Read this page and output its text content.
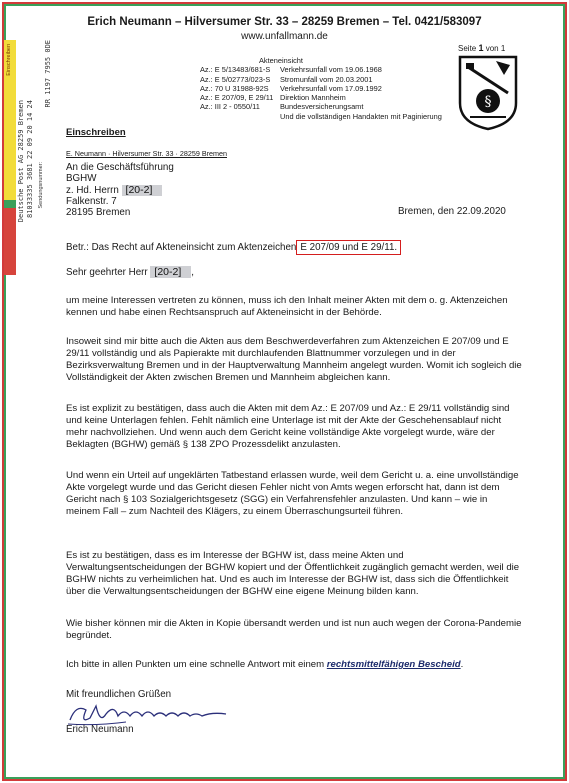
Erich Neumann – Hilversumer Str. 33 – 28259 Bremen – Tel. 0421/583097
www.unfallmann.de
Einschreiben
Deutsche Post AG 28259 Bremen 81033335 3681 22 09 20 14 24 Sendungsnummer:
RR 1197 7955 0DE	Akteneinsicht
Az.: E 5/13483/681-S Verkehrsunfall vom 19.06.1968
Az.: E 5/02773/023-S Stromunfall vom 20.03.2001
Az.: 70 U 31988-92S Verkehrsunfall vom 17.09.1992
Az.: E 207/09, E 29/11 Direktion Mannheim
Az.: III 2 - 0550/11	Bundesversicherungsamt
Und die vollständigen Handakten mit Paginierung
Seite 1 von 1
§
Einschreiben
E. Neumann · Hilversumer Str. 33 · 28259 Bremen
An die Geschäftsführung
BGHW
z. Hd. Herrn [20-2]
Falkenstr. 7
28195 Bremen	Bremen, den 22.09.2020
Betr.: Das Recht auf Akteneinsicht zum Aktenzeichen E 207/09 und E 29/11.
Sehr geehrter Herr [20-2] ,
um meine Interessen vertreten zu können, muss ich den Inhalt meiner Akten mit dem o. g. Aktenzeichen kennen und habe einen Rechtsanspruch auf Akteneinsicht in der Behörde.
Insoweit sind mir bitte auch die Akten aus dem Beschwerdeverfahren zum Aktenzeichen E 207/09 und E 29/11 vollständig und als Papierakte mit durchlaufenden Blattnummer vorzulegen und in der Bezirksverwaltung Bremen und in der Hauptverwaltung Mannheim angelegt wurden. Womit ich sogleich die Vollständigkeit der Akten zwischen Bremen und Mannheim abgleichen kann.
Es ist explizit zu bestätigen, dass auch die Akten mit dem Az.: E 207/09 und Az.: E 29/11 vollständig sind und keine Unterlagen fehlen. Fehlt nämlich eine Unterlage ist mit der Akte der Geschehensablauf nicht mehr nachvollziehen. Und wenn auch dem Gericht keine vollständige Akte vorgelegt wurde, wäre der Beklagten (BGHW) gemäß § 138 ZPO Prozessdelikt anzulasten.
Und wenn ein Urteil auf ungeklärten Tatbestand erlassen wurde, weil dem Gericht u. a. eine unvollständige Akte vorgelegt wurde und das Gericht diesen Fehler nicht von Amts wegen erforscht hat, dann ist dem Gericht nach § 103 Sozialgerichtsgesetz (SGG) ein Verfahrensfehler anzulasten. Und kann – wie in meinem Fall – zum Nachteil des Klägers, zu einem Überraschungsurteil führen.
Es ist zu bestätigen, dass es im Interesse der BGHW ist, dass meine Akten und Verwaltungsentscheidungen der BGHW kopiert und der Öffentlichkeit zugänglich gemacht werden, weil die BGHW nichts zu verheimlichen hat. Und es auch im Interesse der BGHW ist, dass sich die Öffentlichkeit über die Verwaltungsentscheidungen der BGHW eine eigene Meinung bilden kann.
Wie bisher können mir die Akten in Kopie übersandt werden und ist nun auch wegen der Corona-Pandemie begründet.
Ich bitte in allen Punkten um eine schnelle Antwort mit einem rechtsmittelfähigen Bescheid.
Mit freundlichen Grüßen
Erich Neumann
